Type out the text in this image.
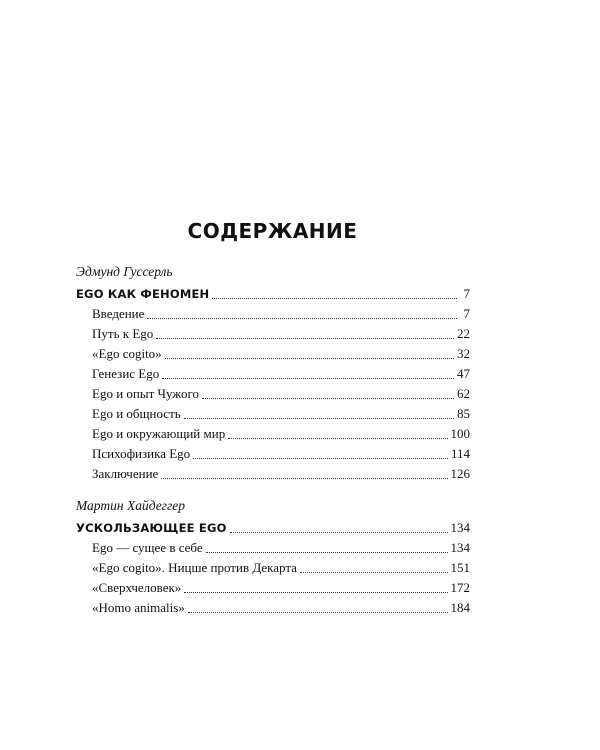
СОДЕРЖАНИЕ
Эдмунд Гуссерль
EGO КАК ФЕНОМЕН	7
Введение	7
Путь к Ego	22
«Ego cogito»	32
Генезис Ego	47
Ego и опыт Чужого	62
Ego и общность	85
Ego и окружающий мир	100
Психофизика Ego	114
Заключение	126
Мартин Хайдеггер
УСКОЛЬЗАЮЩЕЕ EGO	134
Ego — сущее в себе	134
«Ego cogito». Ницше против Декарта	151
«Сверхчеловек»	172
«Homo animalis»	184
